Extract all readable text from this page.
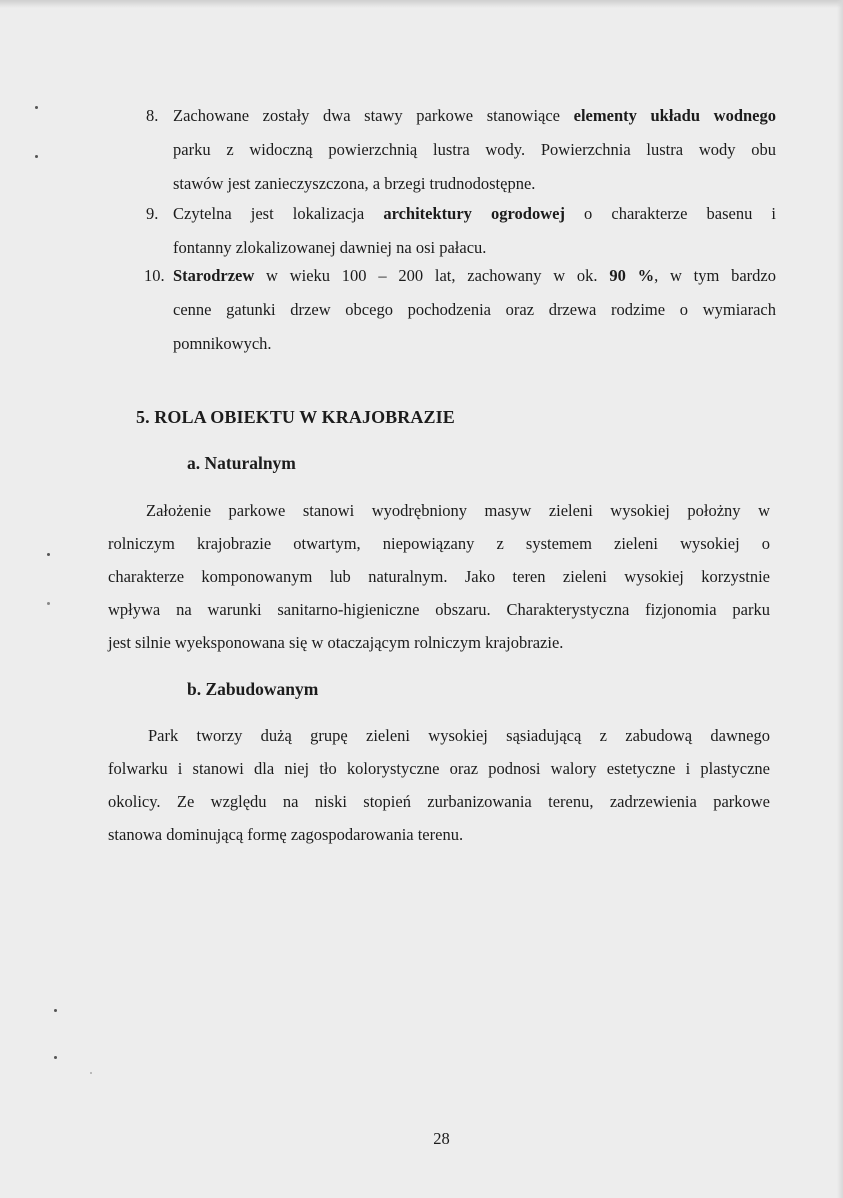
8. Zachowane zostały dwa stawy parkowe stanowiące elementy układu wodnego
parku z widoczną powierzchnią lustra wody. Powierzchnia lustra wody obu
stawów jest zanieczyszczona, a brzegi trudnodostępne.
9. Czytelna jest lokalizacja architektury ogrodowej o charakterze basenu i
fontanny zlokalizowanej dawniej na osi pałacu.
10. Starodrzew w wieku 100 – 200 lat, zachowany w ok. 90 %, w tym bardzo
cenne gatunki drzew obcego pochodzenia oraz drzewa rodzime o wymiarach
pomnikowych.
5. ROLA OBIEKTU W KRAJOBRAZIE
a. Naturalnym
Założenie parkowe stanowi wyodrębniony masyw zieleni wysokiej położny w
rolniczym krajobrazie otwartym, niepowiązany z systemem zieleni wysokiej o
charakterze komponowanym lub naturalnym. Jako teren zieleni wysokiej korzystnie
wpływa na warunki sanitarno-higieniczne obszaru. Charakterystyczna fizjonomia parku
jest silnie wyeksponowana się w otaczającym rolniczym krajobrazie.
b. Zabudowanym
Park tworzy dużą grupę zieleni wysokiej sąsiadującą z zabudową dawnego
folwarku i stanowi dla niej tło kolorystyczne oraz podnosi walory estetyczne i plastyczne
okolicy. Ze względu na niski stopień zurbanizowania terenu, zadrzewienia parkowe
stanowa dominującą formę zagospodarowania terenu.
28
